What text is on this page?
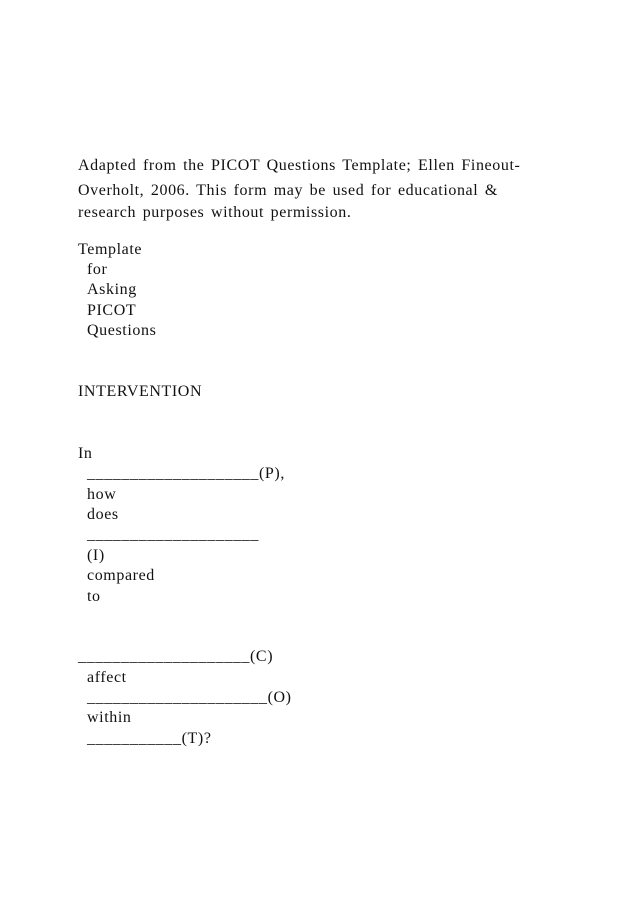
Adapted from the PICOT Questions Template; Ellen Fineout-
Overholt, 2006. This form may be used for educational &
research purposes without permission.
Template
for
Asking
PICOT
Questions
INTERVENTION
In
____________________(P),
how
does
____________________
(I)
compared
to
____________________(C)
affect
_____________________(O)
within
___________(T)?
